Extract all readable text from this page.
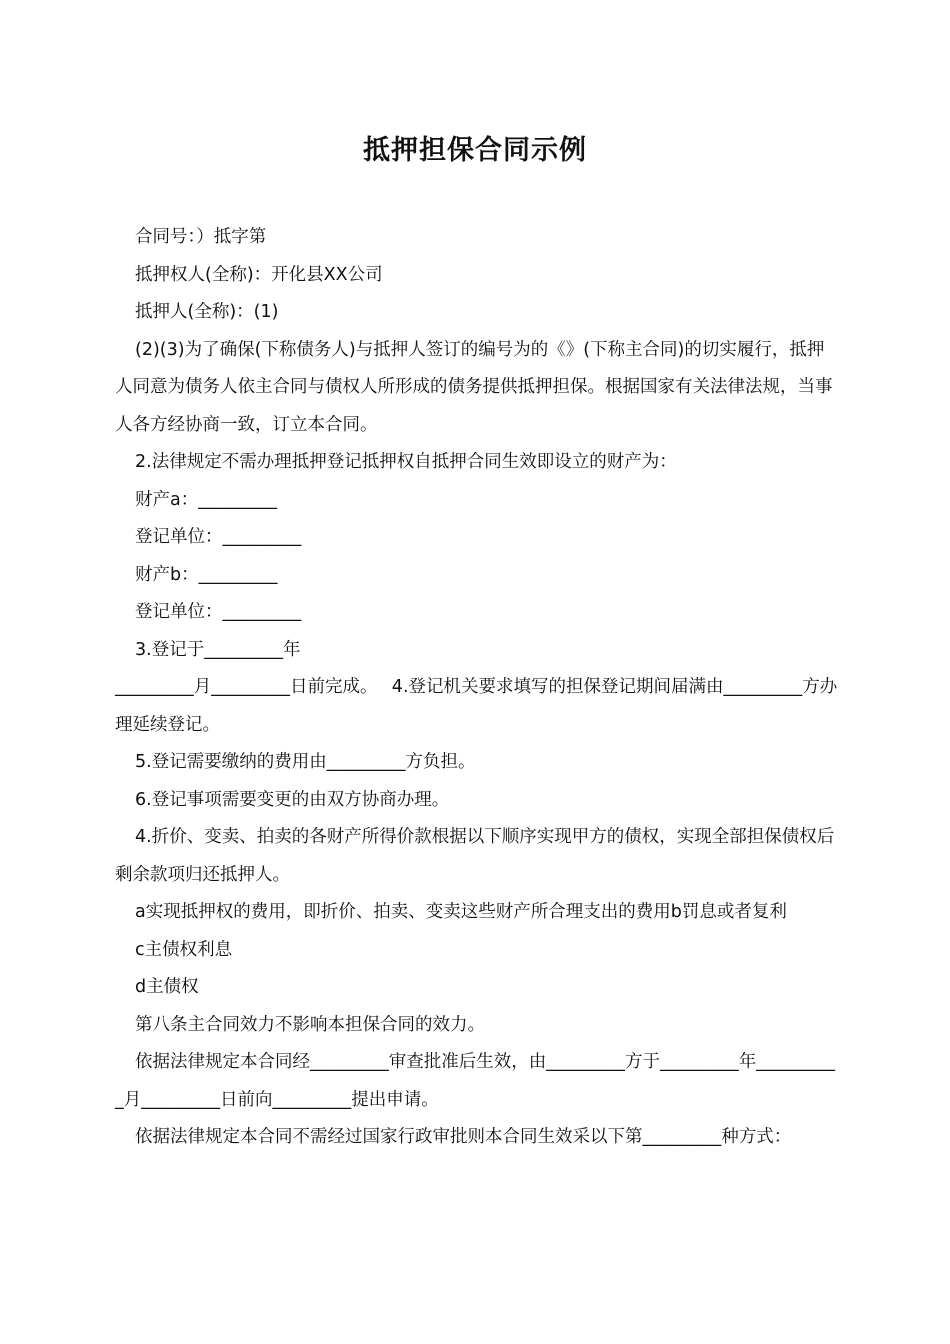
抵押担保合同示例

合同号：）抵字第

抵押权人(全称)：开化县XX公司

抵押人(全称)：(1)

(2)(3)为了确保(下称债务人)与抵押人签订的编号为的《》(下称主合同)的切实履行，抵押人同意为债务人依主合同与债权人所形成的债务提供抵押担保。根据国家有关法律法规，当事人各方经协商一致，订立本合同。

2.法律规定不需办理抵押登记抵押权自抵押合同生效即设立的财产为：

财产a：_________

登记单位：_________

财产b：_________

登记单位：_________

3.登记于_________年

_________月_________日前完成。　 4.登记机关要求填写的担保登记期间届满由_________方办理延续登记。

5.登记需要缴纳的费用由_________方负担。

6.登记事项需要变更的由双方协商办理。

4.折价、变卖、拍卖的各财产所得价款根据以下顺序实现甲方的债权，实现全部担保债权后剩余款项归还抵押人。

a实现抵押权的费用，即折价、拍卖、变卖这些财产所合理支出的费用b罚息或者复利

c主债权利息

d主债权

第八条主合同效力不影响本担保合同的效力。

依据法律规定本合同经_________审查批准后生效，由_________方于_________年__________月_________日前向_________提出申请。

依据法律规定本合同不需经过国家行政审批则本合同生效采以下第_________种方式：
